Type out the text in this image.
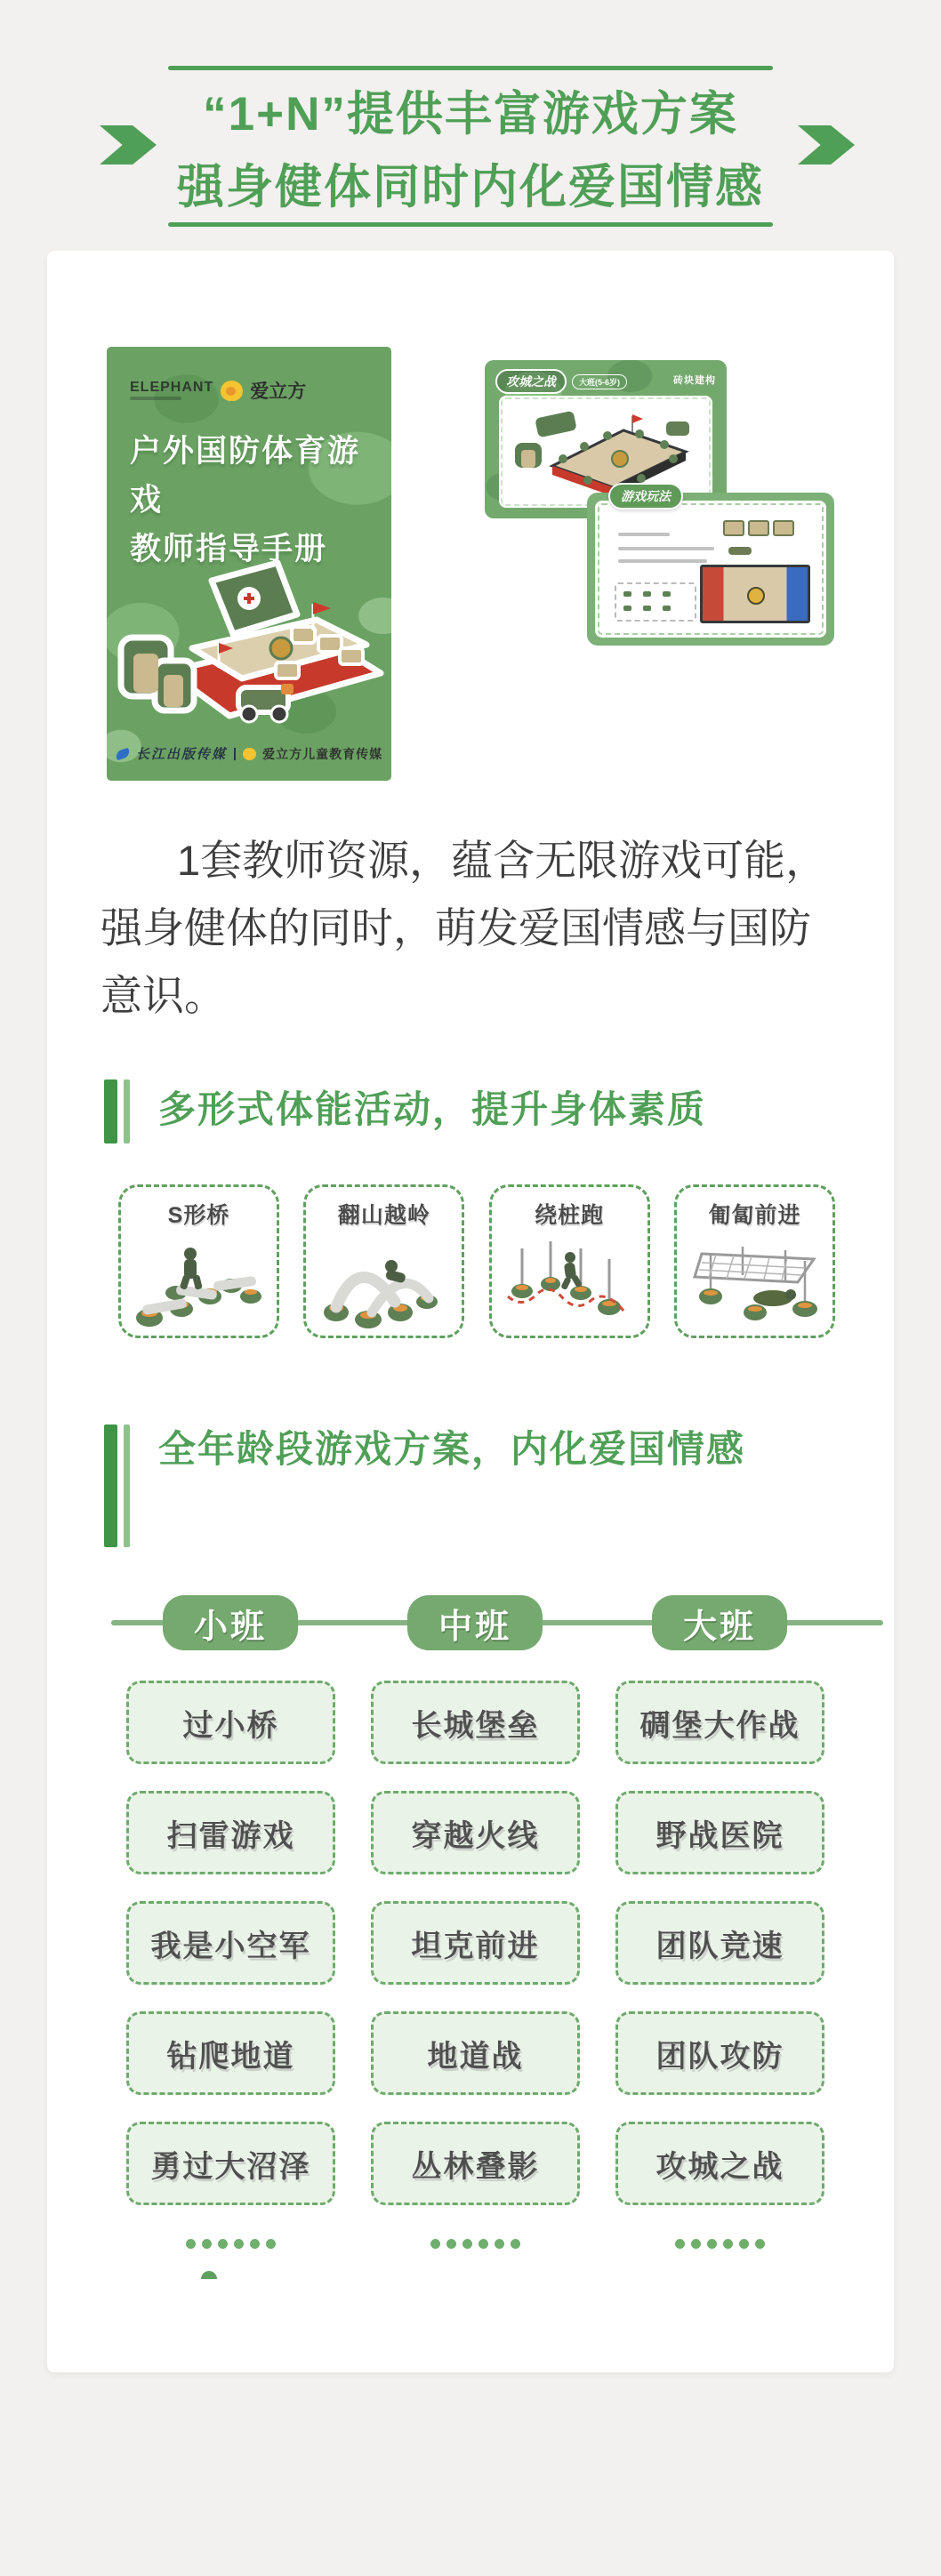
“1+N”提供丰富游戏方案
强身健体同时内化爱国情感
ELEPHANT 爱立方
户外国防体育游戏
教师指导手册
长江出版传媒 | 爱立方儿童教育传媒
攻城之战	大班(5-6岁)	砖块建构
游戏玩法
1套教师资源，蕴含无限游戏可能，强身健体的同时，萌发爱国情感与国防意识。
多形式体能活动，提升身体素质
S形桥	翻山越岭	绕桩跑	匍匐前进
全年龄段游戏方案，内化爱国情感
小班	中班	大班
过小桥	长城堡垒	碉堡大作战
扫雷游戏	穿越火线	野战医院
我是小空军	坦克前进	团队竞速
钻爬地道	地道战	团队攻防
勇过大沼泽	丛林叠影	攻城之战
